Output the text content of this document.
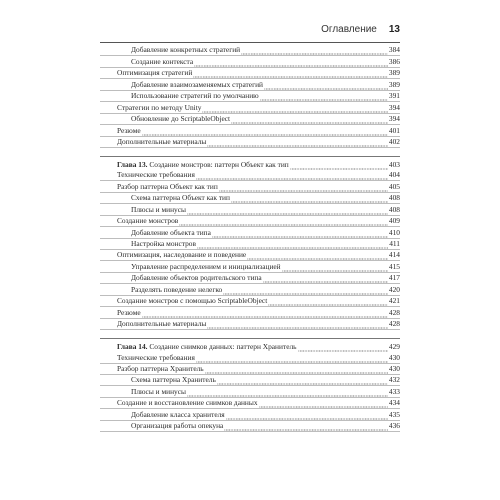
Оглавление 13
Добавление конкретных стратегий	384
Создание контекста	386
Оптимизация стратегий	389
Добавление взаимозаменяемых стратегий	389
Использование стратегий по умолчанию	391
Стратегии по методу Unity	394
Обновление до ScriptableObject	394
Резюме	401
Дополнительные материалы	402
Глава 13. Создание монстров: паттерн Объект как тип	403
Технические требования	404
Разбор паттерна Объект как тип	405
Схема паттерна Объект как тип	408
Плюсы и минусы	408
Создание монстров	409
Добавление объекта типа	410
Настройка монстров	411
Оптимизация, наследование и поведение	414
Управление распределением и инициализацией	415
Добавление объектов родительского типа	417
Разделять поведение нелегко	420
Создание монстров с помощью ScriptableObject	421
Резюме	428
Дополнительные материалы	428
Глава 14. Создание снимков данных: паттерн Хранитель	429
Технические требования	430
Разбор паттерна Хранитель	430
Схема паттерна Хранитель	432
Плюсы и минусы	433
Создание и восстановление снимков данных	434
Добавление класса хранителя	435
Организация работы опекуна	436
